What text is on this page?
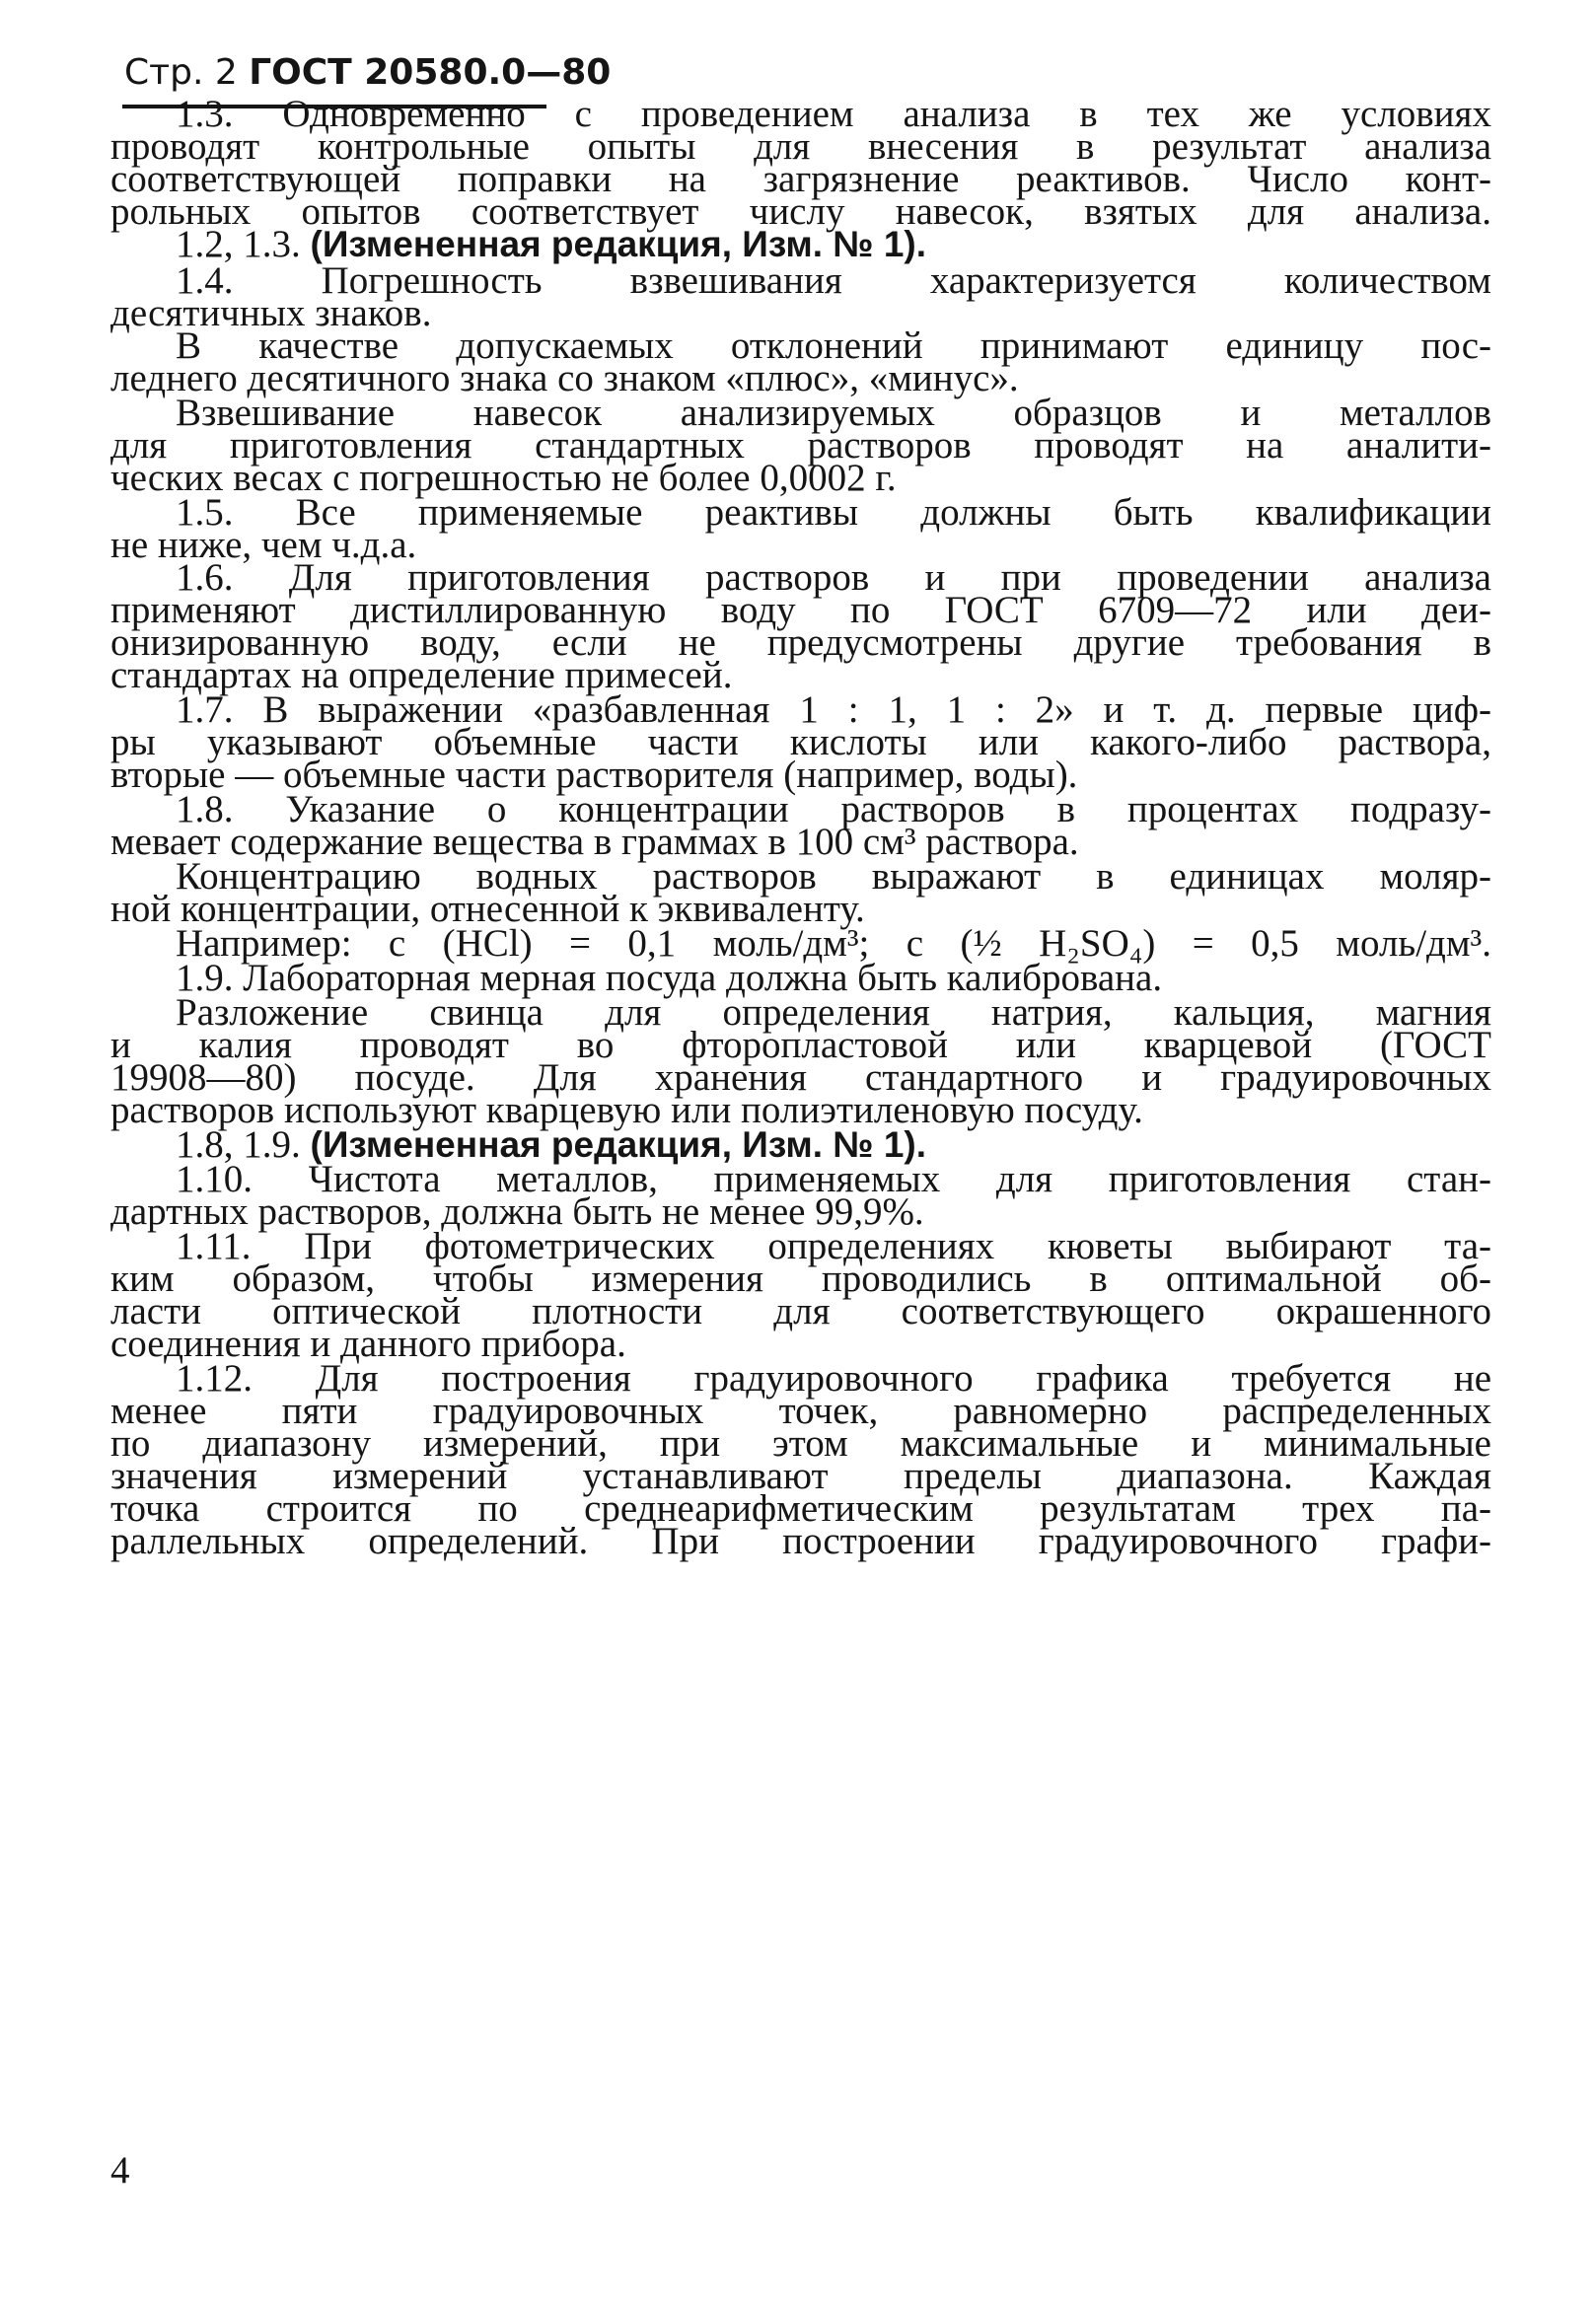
Стр. 2 ГОСТ 20580.0—80
1.3. Одновременно с проведением анализа в тех же условиях
проводят контрольные опыты для внесения в результат анализа
соответствующей поправки на загрязнение реактивов. Число конт-
рольных опытов соответствует числу навесок, взятых для анализа.
1.2, 1.3. (Измененная редакция, Изм. № 1).
1.4. Погрешность взвешивания характеризуется количеством
десятичных знаков.
В качестве допускаемых отклонений принимают единицу пос-
леднего десятичного знака со знаком «плюс», «минус».
Взвешивание навесок анализируемых образцов и металлов
для приготовления стандартных растворов проводят на аналити-
ческих весах с погрешностью не более 0,0002 г.
1.5. Все применяемые реактивы должны быть квалификации
не ниже, чем ч.д.а.
1.6. Для приготовления растворов и при проведении анализа
применяют дистиллированную воду по ГОСТ 6709—72 или деи-
онизированную воду, если не предусмотрены другие требования в
стандартах на определение примесей.
1.7. В выражении «разбавленная 1 : 1, 1 : 2» и т. д. первые циф-
ры указывают объемные части кислоты или какого-либо раствора,
вторые — объемные части растворителя (например, воды).
1.8. Указание о концентрации растворов в процентах подразу-
мевает содержание вещества в граммах в 100 см³ раствора.
Концентрацию водных растворов выражают в единицах моляр-
ной концентрации, отнесенной к эквиваленту.
Например: с (HCl) = 0,1 моль/дм³; с (½ H₂SO₄) = 0,5 моль/дм³.
1.9. Лабораторная мерная посуда должна быть калибрована.
Разложение свинца для определения натрия, кальция, магния
и калия проводят во фторопластовой или кварцевой (ГОСТ
19908—80) посуде. Для хранения стандартного и градуировочных
растворов используют кварцевую или полиэтиленовую посуду.
1.8, 1.9. (Измененная редакция, Изм. № 1).
1.10. Чистота металлов, применяемых для приготовления стан-
дартных растворов, должна быть не менее 99,9%.
1.11. При фотометрических определениях кюветы выбирают та-
ким образом, чтобы измерения проводились в оптимальной об-
ласти оптической плотности для соответствующего окрашенного
соединения и данного прибора.
1.12. Для построения градуировочного графика требуется не
менее пяти градуировочных точек, равномерно распределенных
по диапазону измерений, при этом максимальные и минимальные
значения измерений устанавливают пределы диапазона. Каждая
точка строится по среднеарифметическим результатам трех па-
раллельных определений. При построении градуировочного графи-
4
